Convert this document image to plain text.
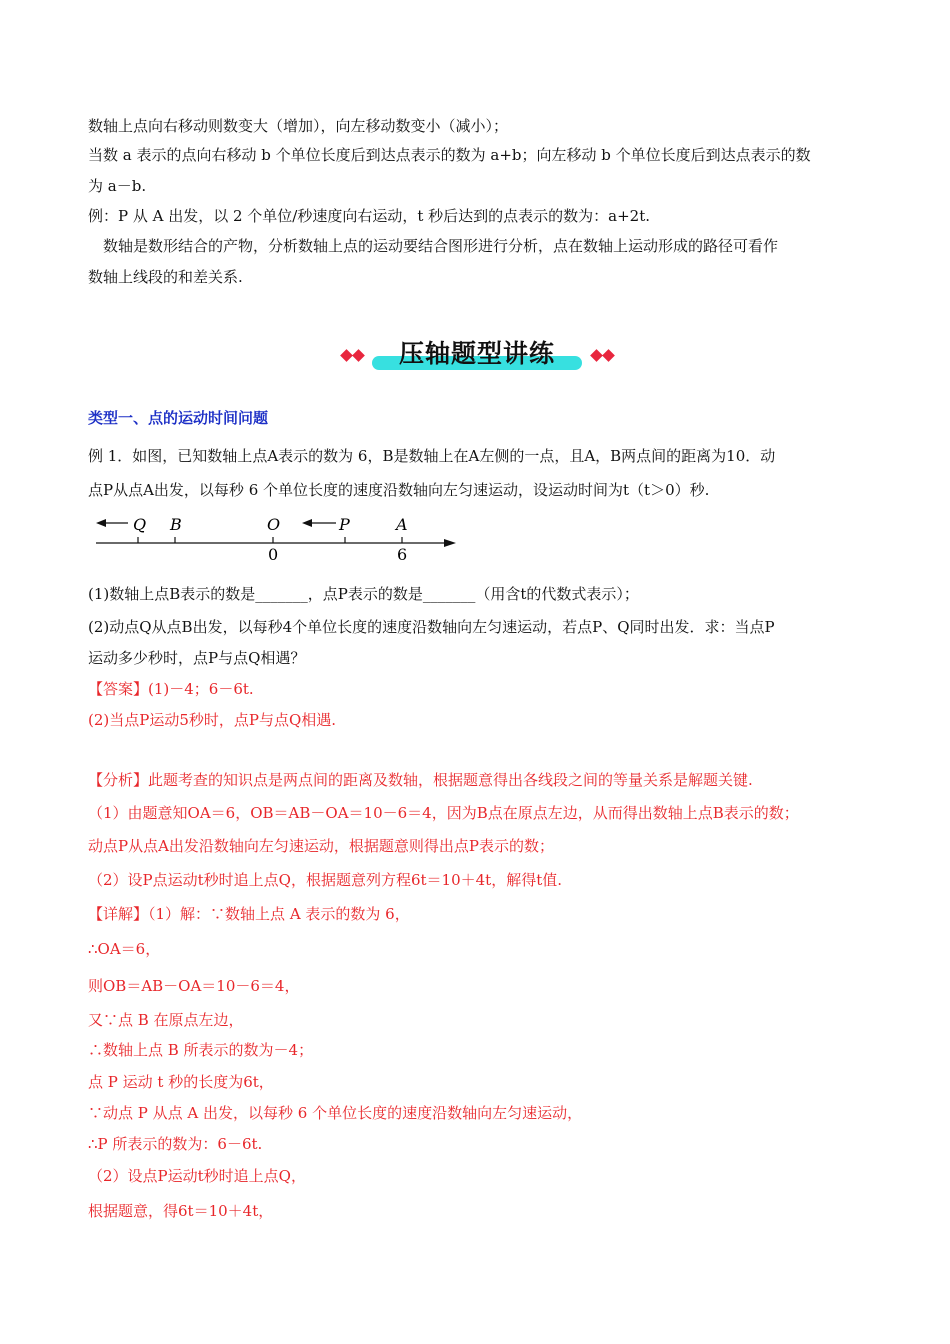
数轴上点向右移动则数变大（增加），向左移动数变小（减小）；
当数 a 表示的点向右移动 b 个单位长度后到达点表示的数为 a+b；向左移动 b 个单位长度后到达点表示的数
为 a－b.
例：P 从 A 出发，以 2 个单位/秒速度向右运动，t 秒后达到的点表示的数为：a+2t.
　数轴是数形结合的产物，分析数轴上点的运动要结合图形进行分析，点在数轴上运动形成的路径可看作
数轴上线段的和差关系.
压轴题型讲练
类型一、点的运动时间问题
例 1．如图，已知数轴上点A表示的数为 6，B是数轴上在A左侧的一点，且A，B两点间的距离为10．动
点P从点A出发，以每秒 6 个单位长度的速度沿数轴向左匀速运动，设运动时间为t（t＞0）秒.
Q B	O	P	A
0	6
(1)数轴上点B表示的数是_______，点P表示的数是_______（用含t的代数式表示）；
(2)动点Q从点B出发，以每秒4个单位长度的速度沿数轴向左匀速运动，若点P、Q同时出发．求：当点P
运动多少秒时，点P与点Q相遇？
【答案】(1)－4；6－6t.
(2)当点P运动5秒时，点P与点Q相遇.
【分析】此题考查的知识点是两点间的距离及数轴，根据题意得出各线段之间的等量关系是解题关键.
（1）由题意知OA＝6，OB＝AB－OA＝10－6＝4，因为B点在原点左边，从而得出数轴上点B表示的数；
动点P从点A出发沿数轴向左匀速运动，根据题意则得出点P表示的数；
（2）设P点运动t秒时追上点Q，根据题意列方程6t＝10＋4t，解得t值.
【详解】（1）解：∵数轴上点 A 表示的数为 6，
∴OA＝6，
则OB＝AB－OA＝10－6＝4，
又∵点 B 在原点左边，
∴数轴上点 B 所表示的数为－4；
点 P 运动 t 秒的长度为6t，
∵动点 P 从点 A 出发，以每秒 6 个单位长度的速度沿数轴向左匀速运动，
∴P 所表示的数为：6－6t.
（2）设点P运动t秒时追上点Q，
根据题意，得6t＝10＋4t，
